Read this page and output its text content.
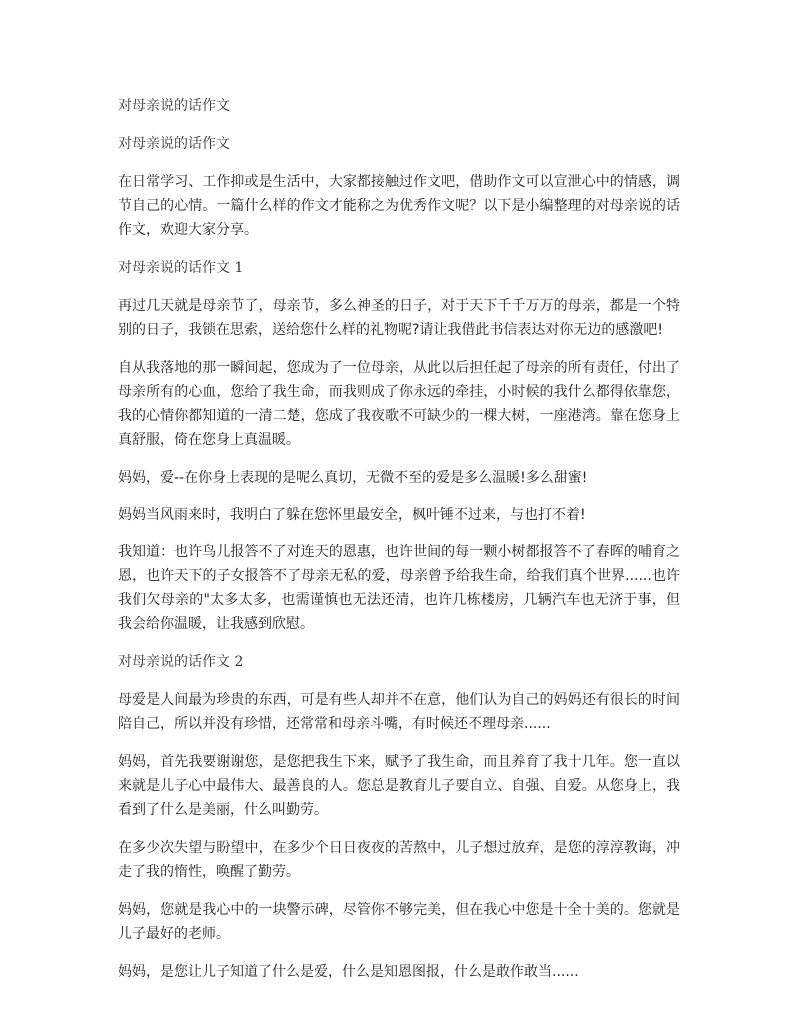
对母亲说的话作文

对母亲说的话作文

在日常学习、工作抑或是生活中，大家都接触过作文吧，借助作文可以宣泄心中的情感，调节自己的心情。一篇什么样的作文才能称之为优秀作文呢？以下是小编整理的对母亲说的话作文，欢迎大家分享。

对母亲说的话作文 1

再过几天就是母亲节了，母亲节，多么神圣的日子，对于天下千千万万的母亲，都是一个特别的日子，我锁在思索，送给您什么样的礼物呢?请让我借此书信表达对你无边的感激吧!

自从我落地的那一瞬间起，您成为了一位母亲，从此以后担任起了母亲的所有责任，付出了母亲所有的心血，您给了我生命，而我则成了你永远的牵挂，小时候的我什么都得依靠您，我的心情你都知道的一清二楚，您成了我夜歌不可缺少的一棵大树，一座港湾。靠在您身上真舒服，倚在您身上真温暖。

妈妈，爱--在你身上表现的是呢么真切，无微不至的爱是多么温暖!多么甜蜜!

妈妈当风雨来时，我明白了躲在您怀里最安全，枫叶锤不过来，与也打不着!

我知道：也许鸟儿报答不了对连天的恩惠，也许世间的每一颗小树都报答不了春晖的哺育之恩，也许天下的子女报答不了母亲无私的爱，母亲曾予给我生命，给我们真个世界......也许我们欠母亲的"太多太多，也需谨慎也无法还清，也许几栋楼房，几辆汽车也无济于事，但我会给你温暖，让我感到欣慰。

对母亲说的话作文 2

母爱是人间最为珍贵的东西，可是有些人却并不在意，他们认为自己的妈妈还有很长的时间陪自己，所以并没有珍惜，还常常和母亲斗嘴，有时候还不理母亲......

妈妈，首先我要谢谢您，是您把我生下来，赋予了我生命，而且养育了我十几年。您一直以来就是儿子心中最伟大、最善良的人。您总是教育儿子要自立、自强、自爱。从您身上，我看到了什么是美丽，什么叫勤劳。

在多少次失望与盼望中，在多少个日日夜夜的苦熬中，儿子想过放弃，是您的淳淳教诲，冲走了我的惰性，唤醒了勤劳。

妈妈，您就是我心中的一块警示碑，尽管你不够完美，但在我心中您是十全十美的。您就是儿子最好的老师。

妈妈，是您让儿子知道了什么是爱，什么是知恩图报，什么是敢作敢当......
